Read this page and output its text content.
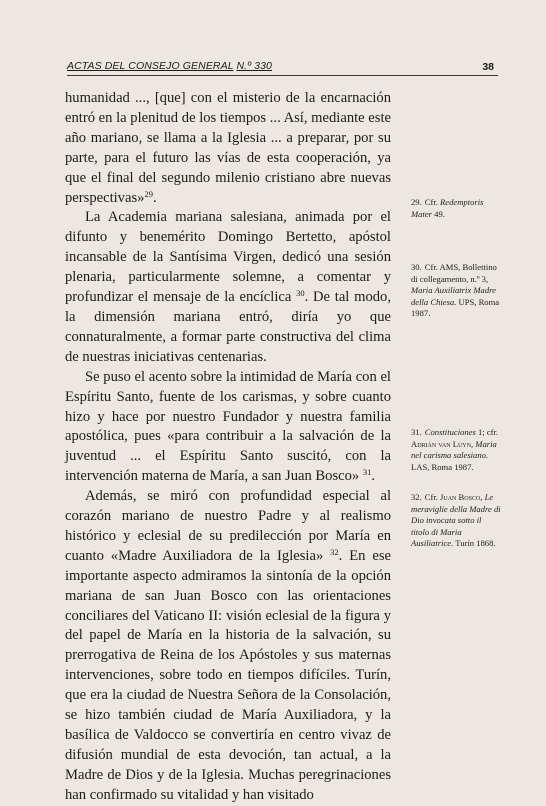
ACTAS DEL CONSEJO GENERAL N.º 330	38

humanidad ..., [que] con el misterio de la encarnación entró en la plenitud de los tiempos ... Así, mediante este año mariano, se llama a la Iglesia ... a preparar, por su parte, para el futuro las vías de esta cooperación, ya que el final del segundo milenio cristiano abre nuevas perspectivas»$^{29}$.

La Academia mariana salesiana, animada por el difunto y benemérito Domingo Bertetto, apóstol incansable de la Santísima Virgen, dedicó una sesión plenaria, particularmente solemne, a comentar y profundizar el mensaje de la encíclica $^{30}$. De tal modo, la dimensión mariana entró, diría yo que connaturalmente, a formar parte constructiva del clima de nuestras iniciativas centenarias.

Se puso el acento sobre la intimidad de María con el Espíritu Santo, fuente de los carismas, y sobre cuanto hizo y hace por nuestro Fundador y nuestra familia apostólica, pues «para contribuir a la salvación de la juventud ... el Espíritu Santo suscitó, con la intervención materna de María, a san Juan Bosco» $^{31}$.

Además, se miró con profundidad especial al corazón mariano de nuestro Padre y al realismo histórico y eclesial de su predilección por María en cuanto «Madre Auxiliadora de la Iglesia» $^{32}$. En ese importante aspecto admiramos la sintonía de la opción mariana de san Juan Bosco con las orientaciones conciliares del Vaticano II: visión eclesial de la figura y del papel de María en la historia de la salvación, su prerrogativa de Reina de los Apóstoles y sus maternas intervenciones, sobre todo en tiempos difíciles. Turín, que era la ciudad de Nuestra Señora de la Consolación, se hizo también ciudad de María Auxiliadora, y la basílica de Valdocco se convertiría en centro vivaz de difusión mundial de esta devoción, tan actual, a la Madre de Dios y de la Iglesia. Muchas peregrinaciones han confirmado su vitalidad y han visitado

29. Cfr. Redemptoris Mater 49.
30. Cfr. AMS, Bollettino di collegamento, n.º 3, Maria Auxiliatrix Madre della Chiesa. UPS, Roma 1987.
31. Constituciones 1; cfr. Adrián van Luyn, Maria nel carisma salesiano. LAS, Roma 1987.
32. Cfr. Juan Bosco, Le meraviglie della Madre di Dio invocata sotto il titolo di Maria Ausiliatrice. Turín 1868.
